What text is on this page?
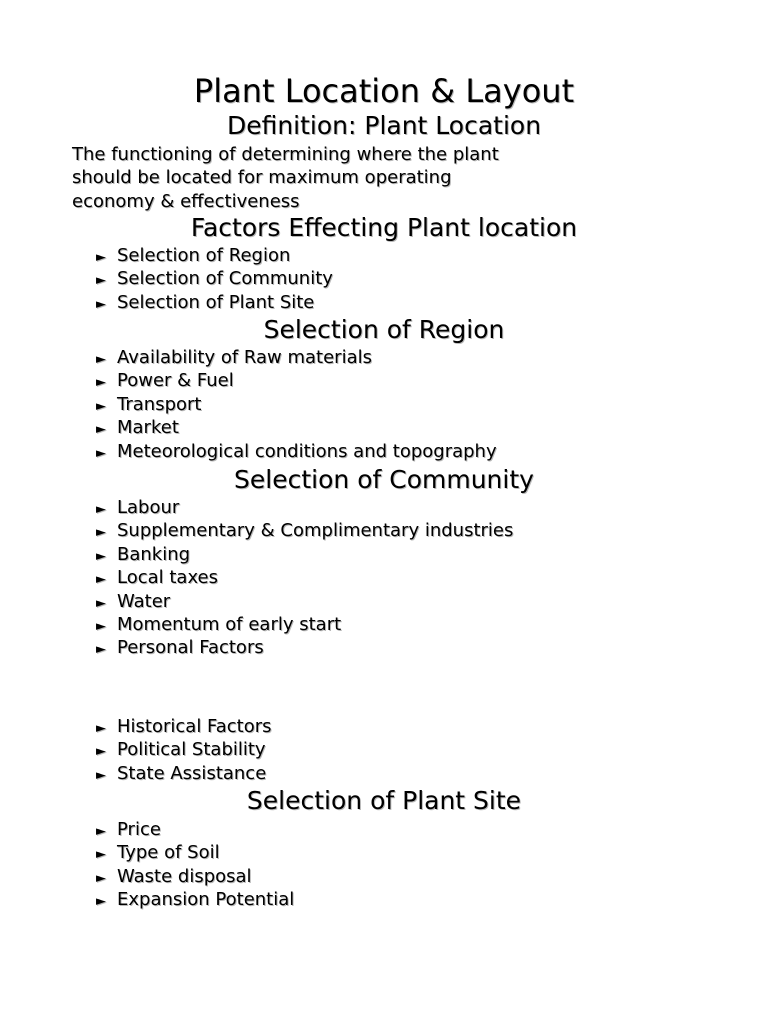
Plant Location & Layout
Definition: Plant Location

The functioning of determining where the plant should be located for maximum operating economy & effectiveness

Factors Effecting Plant location
► Selection of Region
► Selection of Community
► Selection of Plant Site
Selection of Region
► Availability of Raw materials
► Power & Fuel
► Transport
► Market
► Meteorological conditions and topography
Selection of Community
► Labour
► Supplementary & Complimentary industries
► Banking
► Local taxes
► Water
► Momentum of early start
► Personal Factors
► Historical Factors
► Political Stability
► State Assistance
Selection of Plant Site
► Price
► Type of Soil
► Waste disposal
► Expansion Potential
